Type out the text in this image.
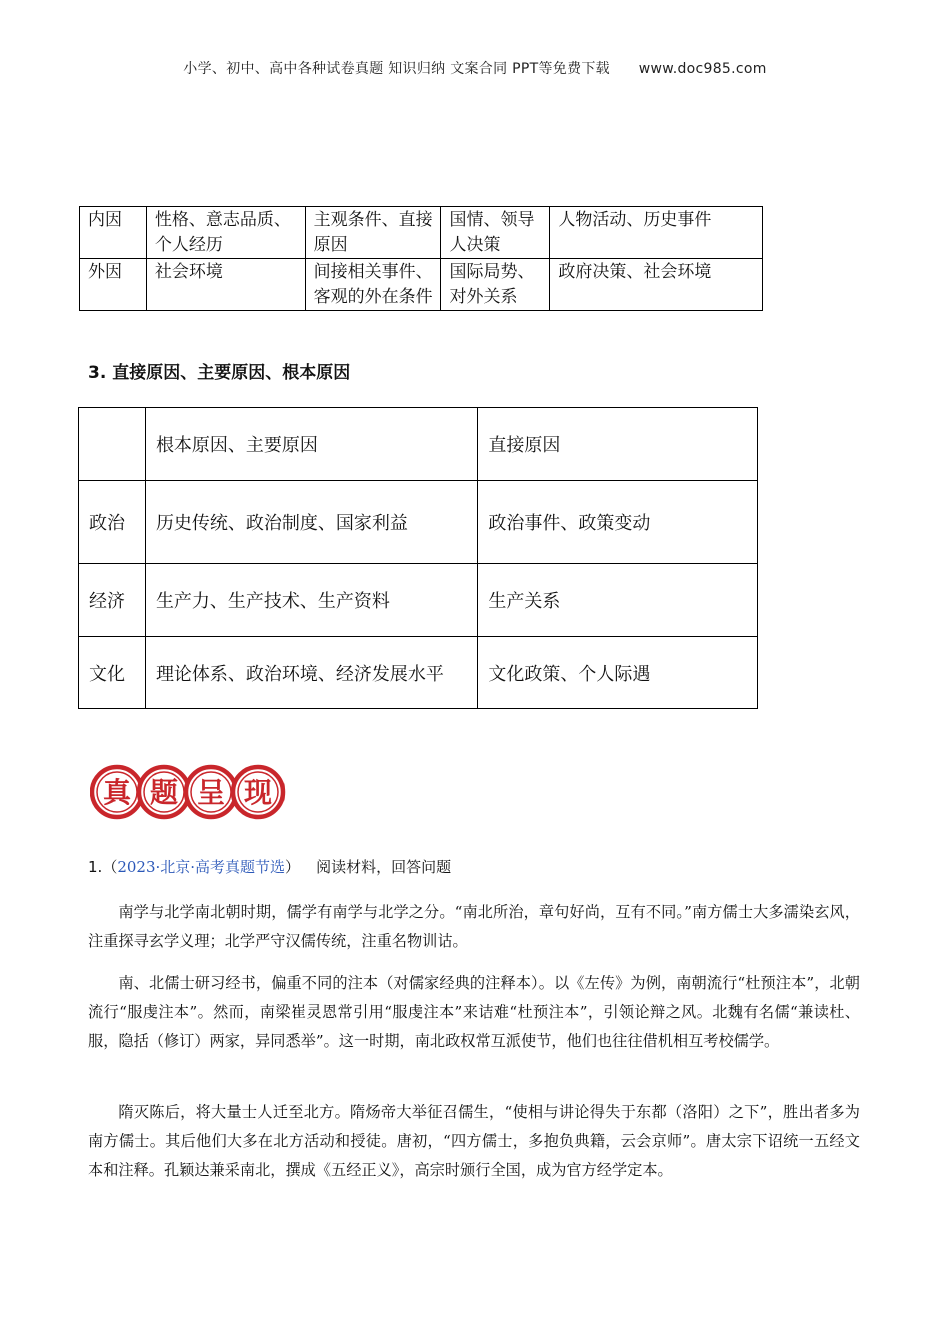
小学、初中、高中各种试卷真题 知识归纳 文案合同 PPT等免费下载 www.doc985.com
内因	性格、意志品质、个人经历	主观条件、直接原因	国情、领导人决策	人物活动、历史事件
外因	社会环境	间接相关事件、客观的外在条件	国际局势、对外关系	政府决策、社会环境
3. 直接原因、主要原因、根本原因
	根本原因、主要原因	直接原因
政治	历史传统、政治制度、国家利益	政治事件、政策变动
经济	生产力、生产技术、生产资料	生产关系
文化	理论体系、政治环境、经济发展水平	文化政策、个人际遇
真 题 呈 现
1.（2023·北京·高考真题节选） 阅读材料，回答问题

南学与北学南北朝时期，儒学有南学与北学之分。“南北所治，章句好尚，互有不同。”南方儒士大多濡染玄风，注重探寻玄学义理；北学严守汉儒传统，注重名物训诂。

南、北儒士研习经书，偏重不同的注本（对儒家经典的注释本）。以《左传》为例，南朝流行“杜预注本”，北朝流行“服虔注本”。然而，南梁崔灵恩常引用“服虔注本”来诘难“杜预注本”，引领论辩之风。北魏有名儒“兼读杜、服，隐括（修订）两家，异同悉举”。这一时期，南北政权常互派使节，他们也往往借机相互考校儒学。

隋灭陈后，将大量士人迁至北方。隋炀帝大举征召儒生，“使相与讲论得失于东都（洛阳）之下”，胜出者多为南方儒士。其后他们大多在北方活动和授徒。唐初，“四方儒士，多抱负典籍，云会京师”。唐太宗下诏统一五经文本和注释。孔颖达兼采南北，撰成《五经正义》，高宗时颁行全国，成为官方经学定本。
